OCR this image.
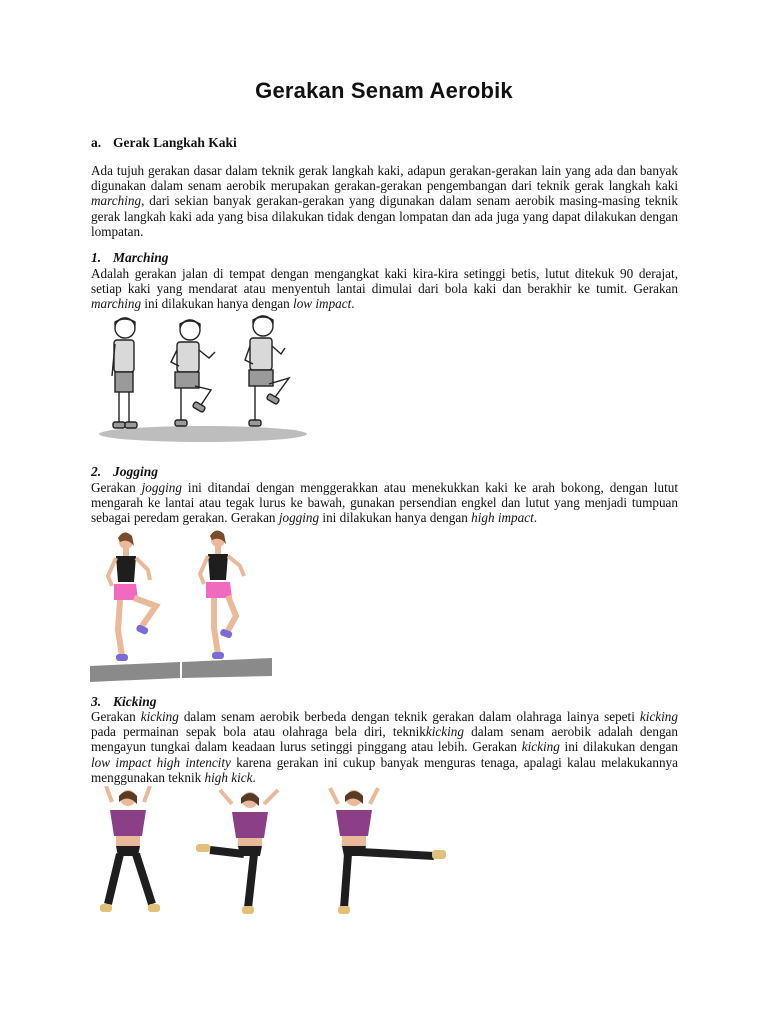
Gerakan Senam Aerobik
a. Gerak Langkah Kaki
Ada tujuh gerakan dasar dalam teknik gerak langkah kaki, adapun gerakan-gerakan lain yang ada dan banyak digunakan dalam senam aerobik merupakan gerakan-gerakan pengembangan dari teknik gerak langkah kaki marching, dari sekian banyak gerakan-gerakan yang digunakan dalam senam aerobik masing-masing teknik gerak langkah kaki ada yang bisa dilakukan tidak dengan lompatan dan ada juga yang dapat dilakukan dengan lompatan.
1. Marching
Adalah gerakan jalan di tempat dengan mengangkat kaki kira-kira setinggi betis, lutut ditekuk 90 derajat, setiap kaki yang mendarat atau menyentuh lantai dimulai dari bola kaki dan berakhir ke tumit. Gerakan marching ini dilakukan hanya dengan low impact.
2. Jogging
Gerakan jogging ini ditandai dengan menggerakkan atau menekukkan kaki ke arah bokong, dengan lutut mengarah ke lantai atau tegak lurus ke bawah, gunakan persendian engkel dan lutut yang menjadi tumpuan sebagai peredam gerakan. Gerakan jogging ini dilakukan hanya dengan high impact.
3. Kicking
Gerakan kicking dalam senam aerobik berbeda dengan teknik gerakan dalam olahraga lainya sepeti kicking pada permainan sepak bola atau olahraga bela diri, teknikkicking dalam senam aerobik adalah dengan mengayun tungkai dalam keadaan lurus setinggi pinggang atau lebih. Gerakan kicking ini dilakukan dengan low impact high intencity karena gerakan ini cukup banyak menguras tenaga, apalagi kalau melakukannya menggunakan teknik high kick.
